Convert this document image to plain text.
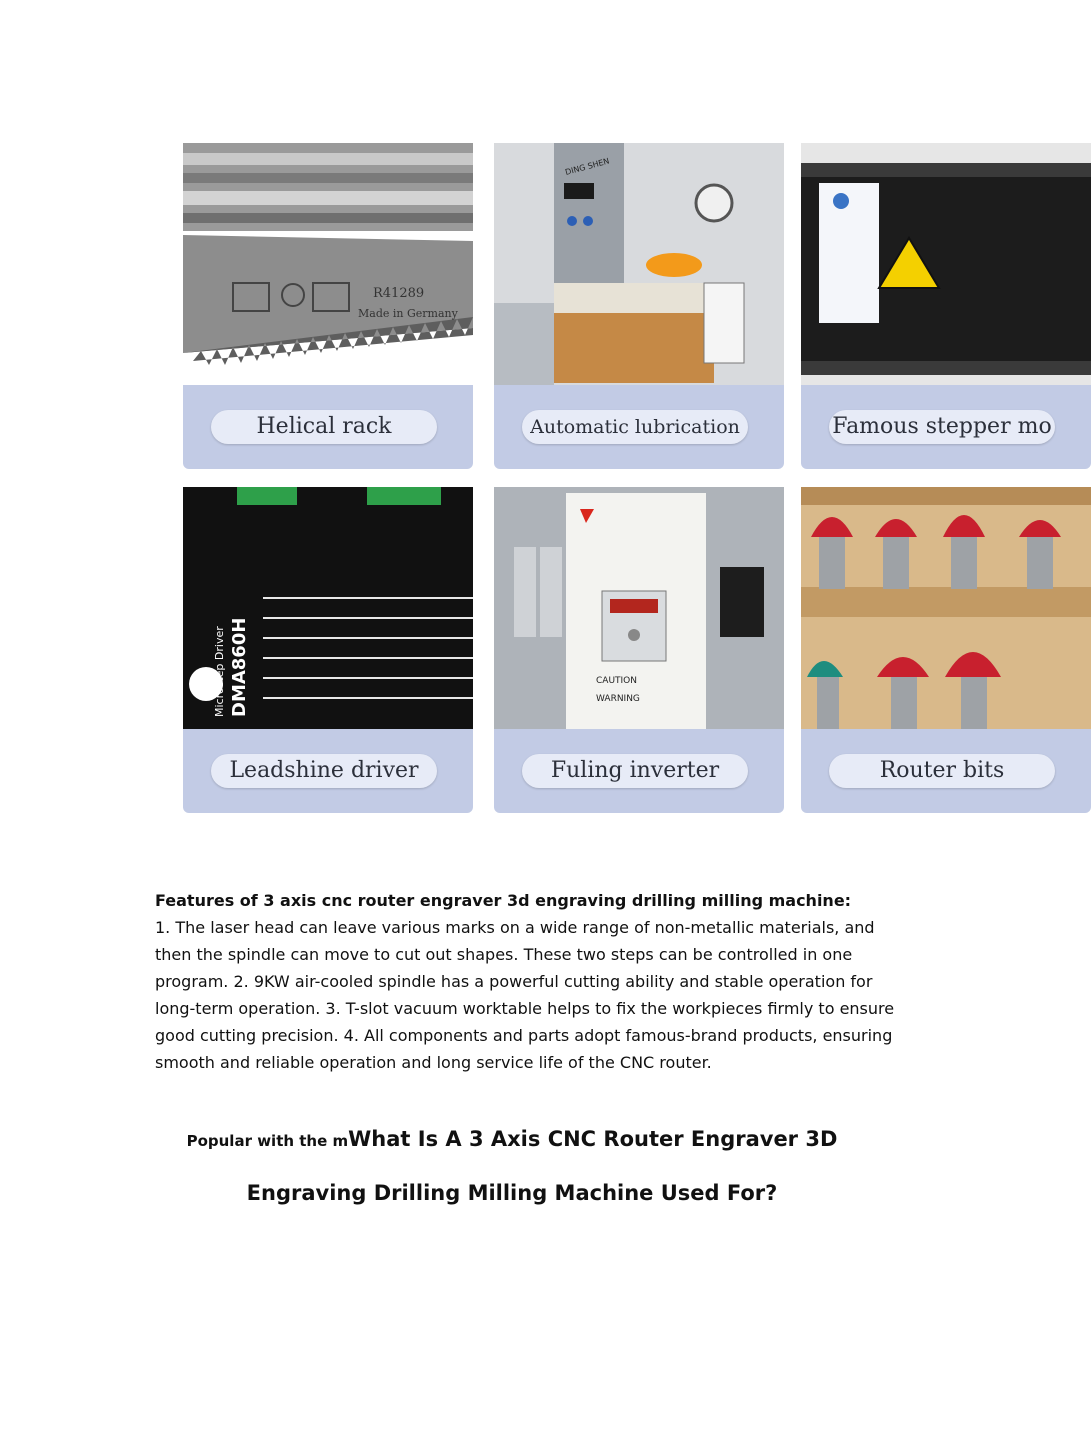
R41289
Made in Germany
Helical rack
DING SHEN
Automatic lubrication	Famous stepper mo
DMA860H
Microstep Driver
Leadshine driver
CAUTION
WARNING
Fuling inverter	Router bits

Features of 3 axis cnc router engraver 3d engraving drilling milling machine:

1. The laser head can leave various marks on a wide range of non-metallic materials, and then the spindle can move to cut out shapes. These two steps can be controlled in one program. 2. 9KW air-cooled spindle has a powerful cutting ability and stable operation for long-term operation. 3. T-slot vacuum worktable helps to fix the workpieces firmly to ensure good cutting precision. 4. All components and parts adopt famous-brand products, ensuring smooth and reliable operation and long service life of the CNC router.

Popular with the mWhat Is A 3 Axis CNC Router Engraver 3D
Engraving Drilling Milling Machine Used For?
